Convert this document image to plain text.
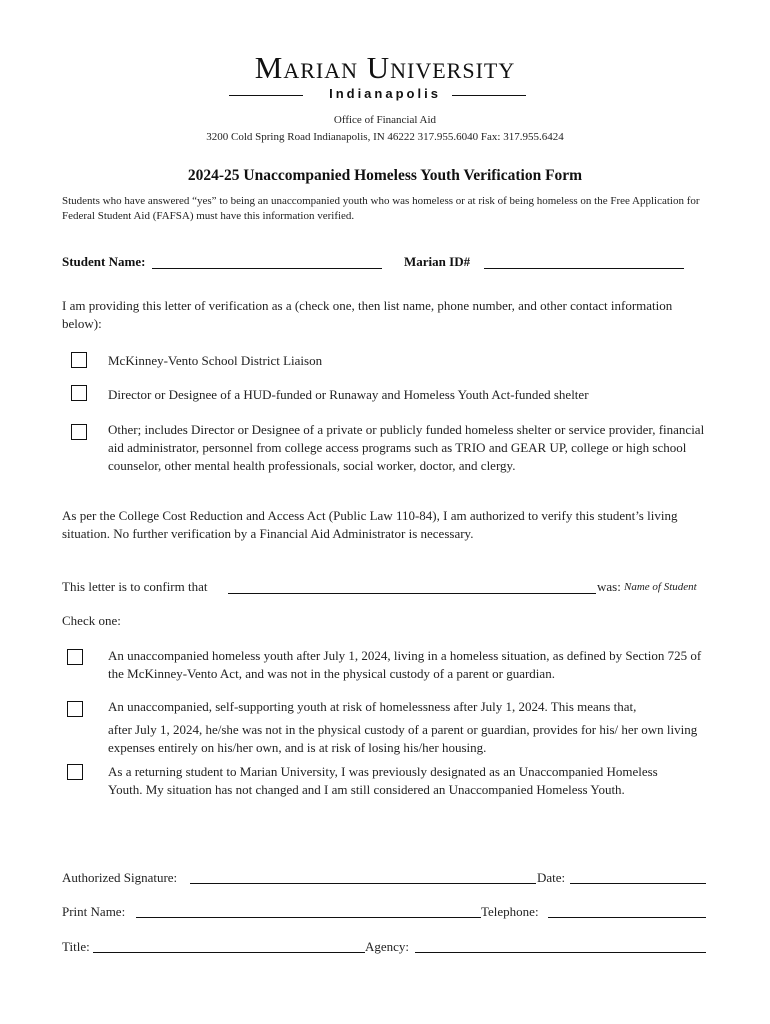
Marian University
Indianapolis
Office of Financial Aid
3200 Cold Spring Road Indianapolis, IN 46222 317.955.6040 Fax: 317.955.6424
2024-25 Unaccompanied Homeless Youth Verification Form
Students who have answered “yes” to being an unaccompanied youth who was homeless or at risk of being homeless on the Free Application for Federal Student Aid (FAFSA) must have this information verified.
Student Name:	Marian ID#
I am providing this letter of verification as a (check one, then list name, phone number, and other contact information below):
McKinney-Vento School District Liaison
Director or Designee of a HUD-funded or Runaway and Homeless Youth Act-funded shelter
Other; includes Director or Designee of a private or publicly funded homeless shelter or service provider, financial aid administrator, personnel from college access programs such as TRIO and GEAR UP, college or high school counselor, other mental health professionals, social worker, doctor, and clergy.
As per the College Cost Reduction and Access Act (Public Law 110-84), I am authorized to verify this student’s living situation. No further verification by a Financial Aid Administrator is necessary.
This letter is to confirm that	was: Name of Student
Check one:
An unaccompanied homeless youth after July 1, 2024, living in a homeless situation, as defined by Section 725 of the McKinney-Vento Act, and was not in the physical custody of a parent or guardian.
An unaccompanied, self-supporting youth at risk of homelessness after July 1, 2024. This means that,
after July 1, 2024, he/she was not in the physical custody of a parent or guardian, provides for his/ her own living expenses entirely on his/her own, and is at risk of losing his/her housing.
As a returning student to Marian University, I was previously designated as an Unaccompanied Homeless Youth. My situation has not changed and I am still considered an Unaccompanied Homeless Youth.
Authorized Signature:	Date:
Print Name:	Telephone:
Title:	Agency:
